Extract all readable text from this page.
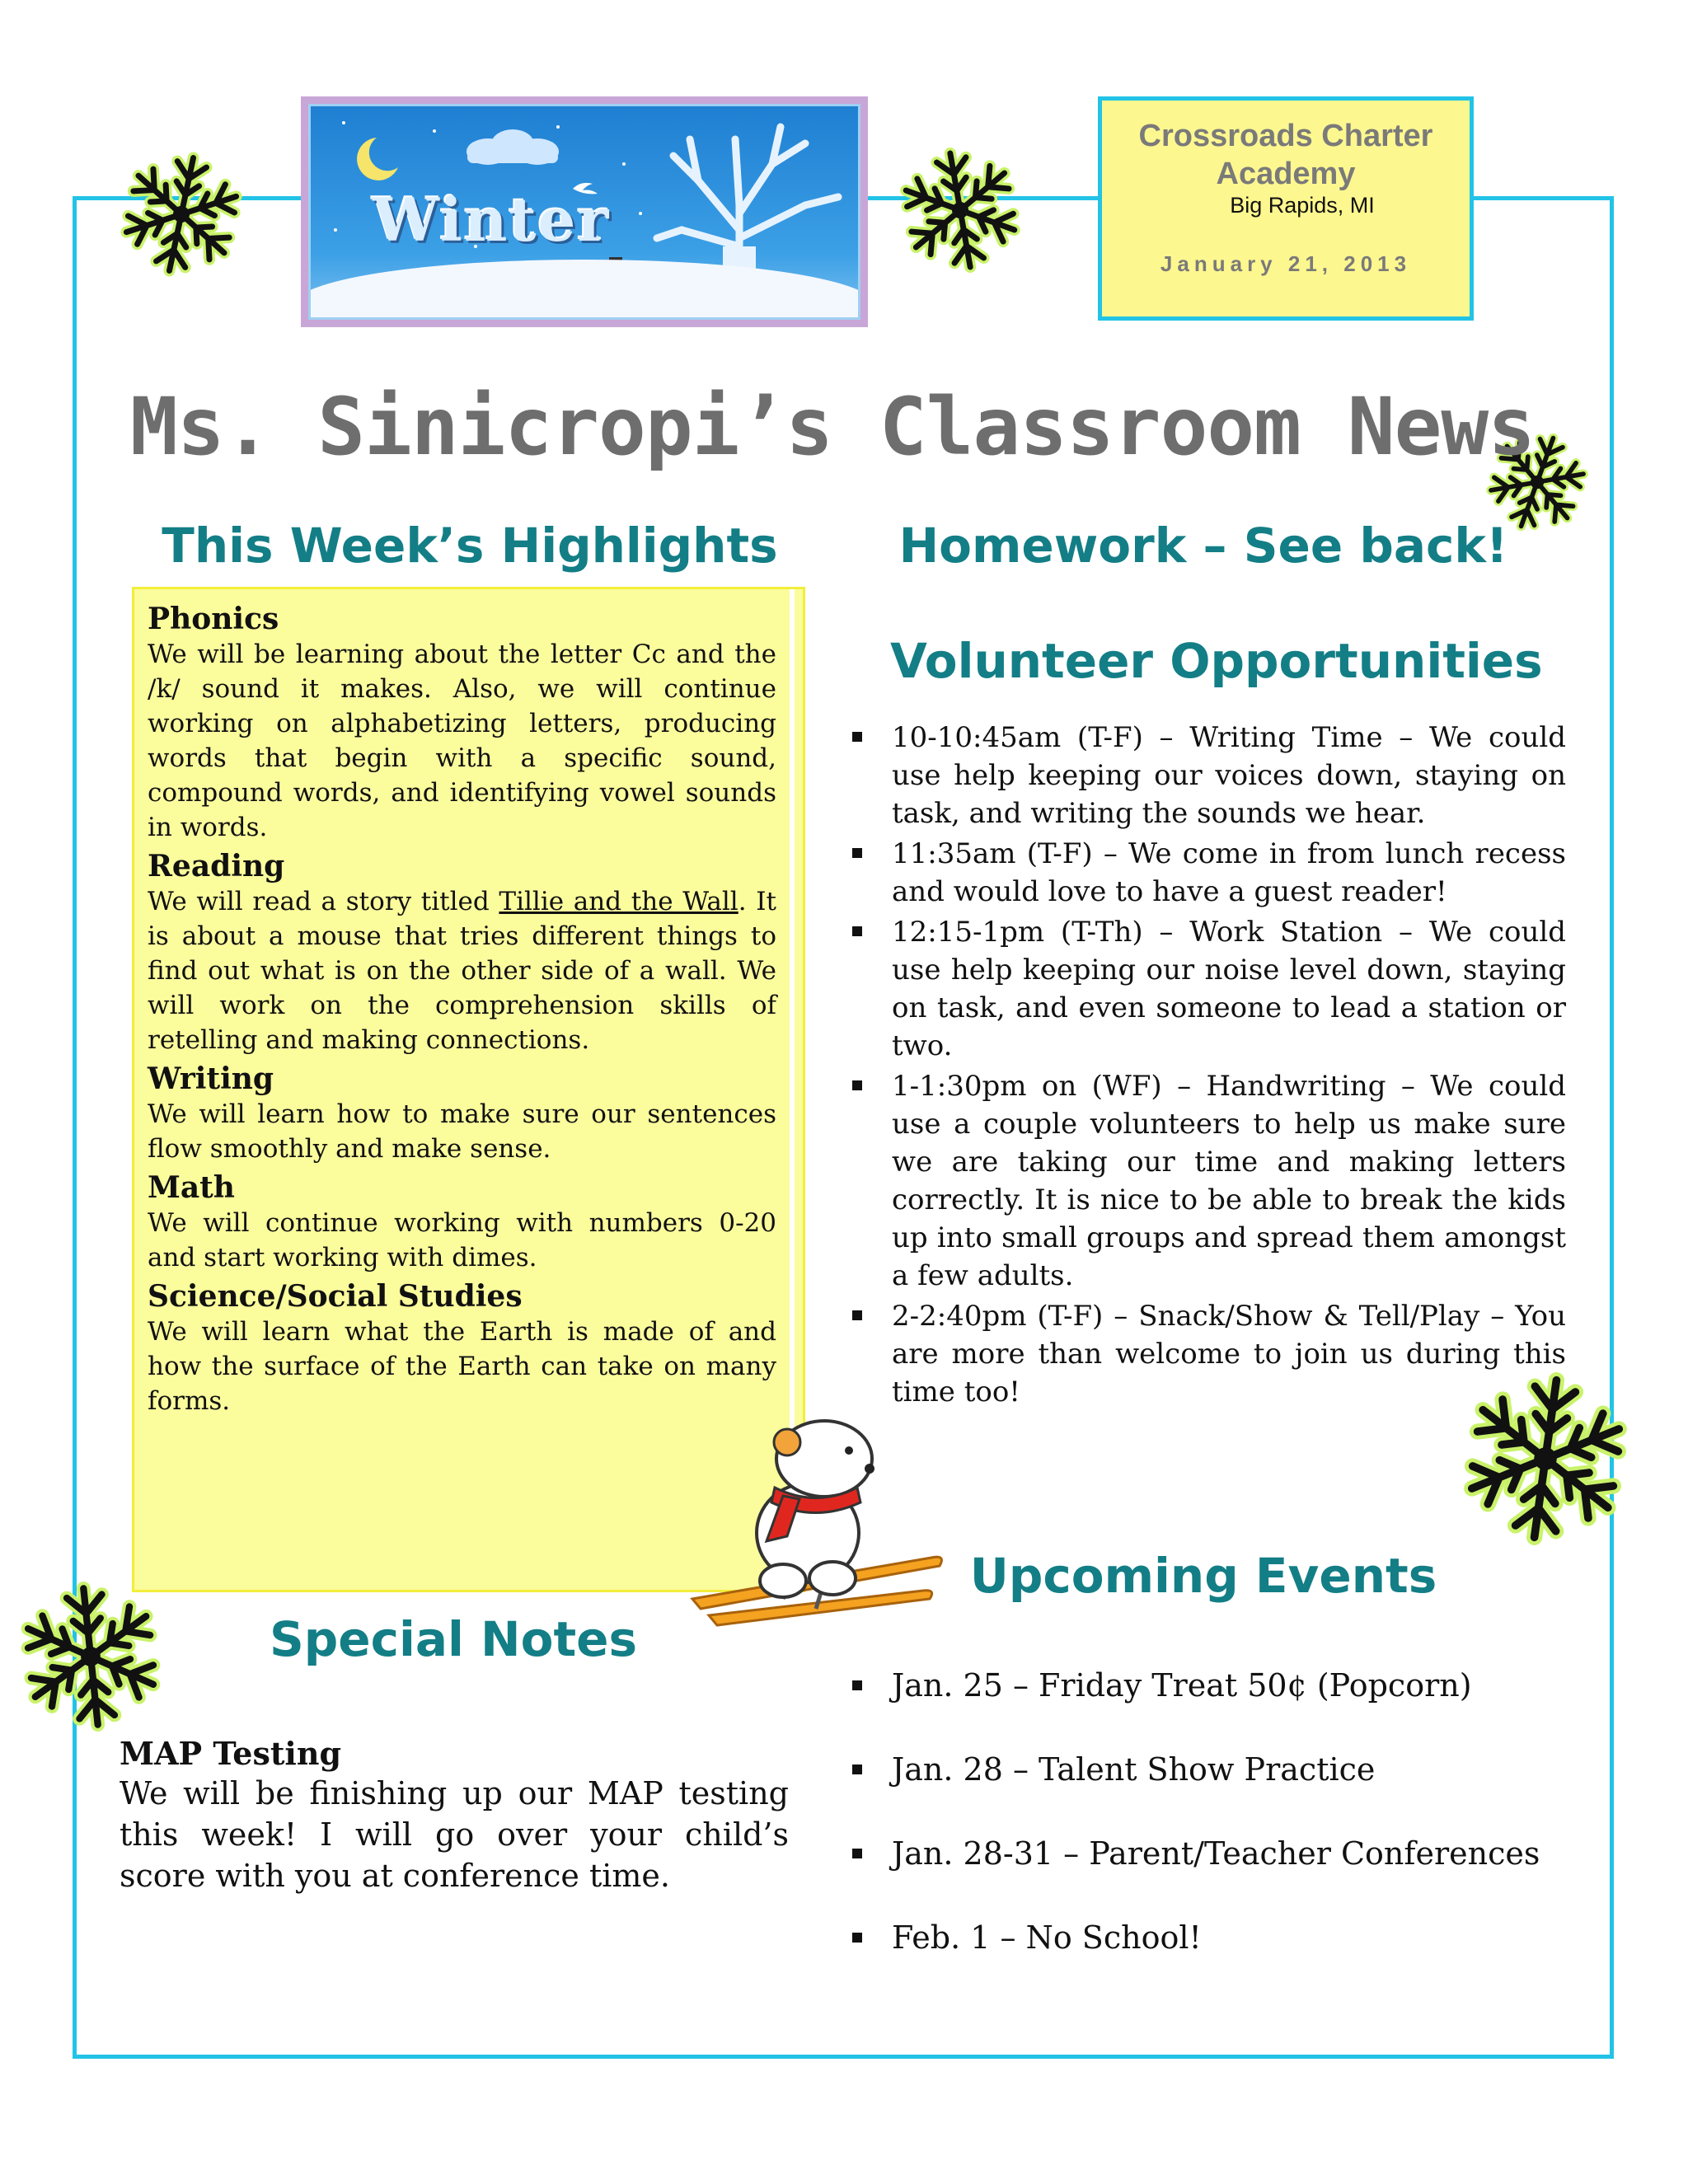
Winter
Crossroads Charter Academy
Big Rapids, MI
January 21, 2013
Ms. Sinicropi’s Classroom News
This Week’s Highlights	Homework – See back!
Volunteer Opportunities
Special Notes
Upcoming Events

Phonics

We will be learning about the letter Cc and the /k/ sound it makes. Also, we will continue working on alphabetizing letters, producing words that begin with a specific sound, compound words, and identifying vowel sounds in words.

Reading

We will read a story titled Tillie and the Wall. It is about a mouse that tries different things to find out what is on the other side of a wall. We will work on the comprehension skills of retelling and making connections.

Writing

We will learn how to make sure our sentences flow smoothly and make sense.

Math

We will continue working with numbers 0-20 and start working with dimes.

Science/Social Studies

We will learn what the Earth is made of and how the surface of the Earth can take on many forms.

10-10:45am (T-F) – Writing Time – We could use help keeping our voices down, staying on task, and writing the sounds we hear.
11:35am (T-F) – We come in from lunch recess and would love to have a guest reader!
12:15-1pm (T-Th) – Work Station – We could use help keeping our noise level down, staying on task, and even someone to lead a station or two.
1-1:30pm on (WF) – Handwriting – We could use a couple volunteers to help us make sure we are taking our time and making letters correctly. It is nice to be able to break the kids up into small groups and spread them amongst a few adults.
2-2:40pm (T-F) – Snack/Show & Tell/Play – You are more than welcome to join us during this time too!

MAP Testing

We will be finishing up our MAP testing this week! I will go over your child’s score with you at conference time.

Jan. 25 – Friday Treat 50¢ (Popcorn)
Jan. 28 – Talent Show Practice
Jan. 28-31 – Parent/Teacher Conferences
Feb. 1 – No School!
